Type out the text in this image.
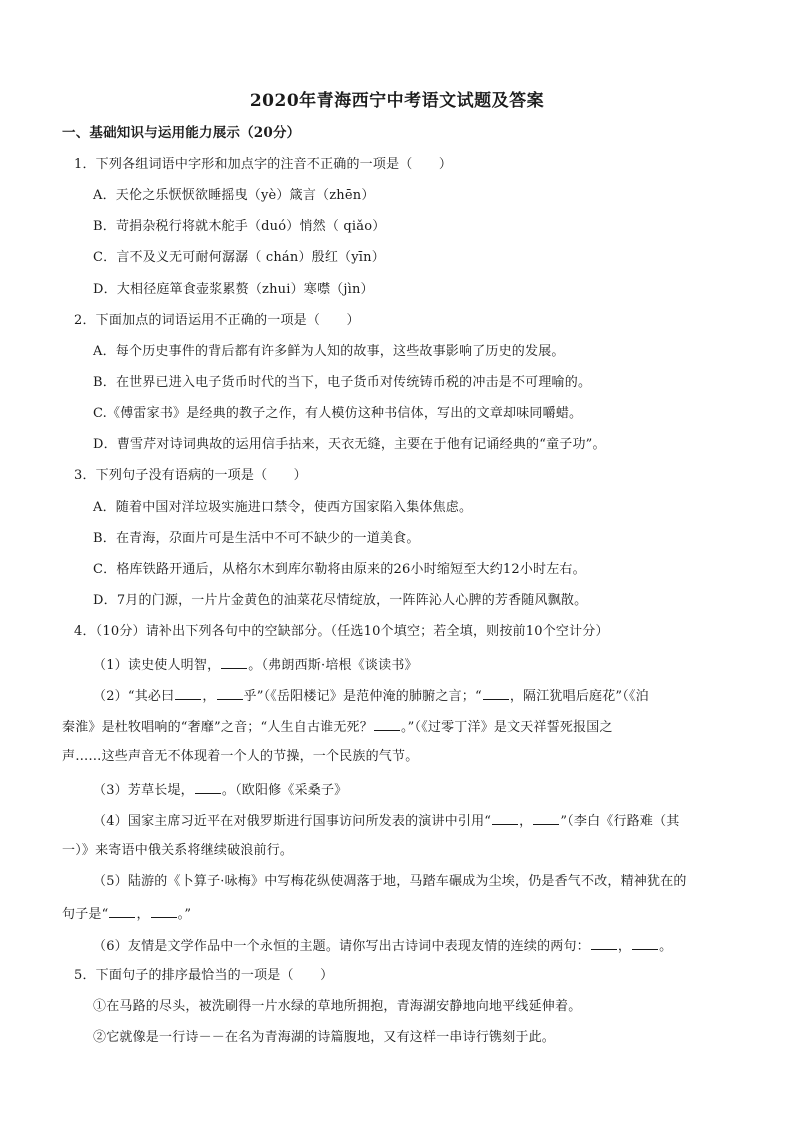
2020年青海西宁中考语文试题及答案
一、基础知识与运用能力展示（20分）
1．下列各组词语中字形和加点字的注音不正确的一项是（　　）
A．天伦之乐恹恹欲睡摇曳（yè）箴言（zhēn）
B．苛捐杂税行将就木舵手（duó）悄然（ qiǎo）
C．言不及义无可耐何潺潺（ chán）殷红（yīn）
D．大相径庭箪食壶浆累赘（zhui）寒噤（jìn）
2．下面加点的词语运用不正确的一项是（　　）
A．每个历史事件的背后都有许多鲜为人知的故事，这些故事影响了历史的发展。
B．在世界已进入电子货币时代的当下，电子货币对传统铸币税的冲击是不可理喻的。
C.《傅雷家书》是经典的教子之作，有人模仿这种书信体，写出的文章却味同嚼蜡。
D．曹雪芹对诗词典故的运用信手拈来，天衣无缝，主要在于他有记诵经典的“童子功”。
3．下列句子没有语病的一项是（　　）
A．随着中国对洋垃圾实施进口禁令，使西方国家陷入集体焦虑。
B．在青海，尕面片可是生活中不可不缺少的一道美食。
C．格库铁路开通后，从格尔木到库尔勒将由原来的26小时缩短至大约12小时左右。
D．7月的门源，一片片金黄色的油菜花尽情绽放，一阵阵沁人心脾的芳香随风飘散。
4．（10分）请补出下列各句中的空缺部分。（任选10个填空；若全填，则按前10个空计分）
（1）读史使人明智， 。（弗朗西斯·培根《谈读书》
（2）“其必曰 ， 乎”（《岳阳楼记》是范仲淹的肺腑之言；“ ，隔江犹唱后庭花”（《泊
秦淮》是杜牧唱响的“奢靡”之音；“人生自古谁无死？ 。”（《过零丁洋》是文天祥誓死报国之
声……这些声音无不体现着一个人的节操，一个民族的气节。
（3）芳草长堤， 。（欧阳修《采桑子》
（4）国家主席习近平在对俄罗斯进行国事访问所发表的演讲中引用“ ， ”（李白《行路难（其
一）》来寄语中俄关系将继续破浪前行。
（5）陆游的《卜算子·咏梅》中写梅花纵使凋落于地，马踏车碾成为尘埃，仍是香气不改，精神犹在的
句子是“ ， 。”
（6）友情是文学作品中一个永恒的主题。请你写出古诗词中表现友情的连续的两句： ， 。
5．下面句子的排序最恰当的一项是（　　）
①在马路的尽头，被洗刷得一片水绿的草地所拥抱，青海湖安静地向地平线延伸着。
②它就像是一行诗－－在名为青海湖的诗篇腹地，又有这样一串诗行镌刻于此。
